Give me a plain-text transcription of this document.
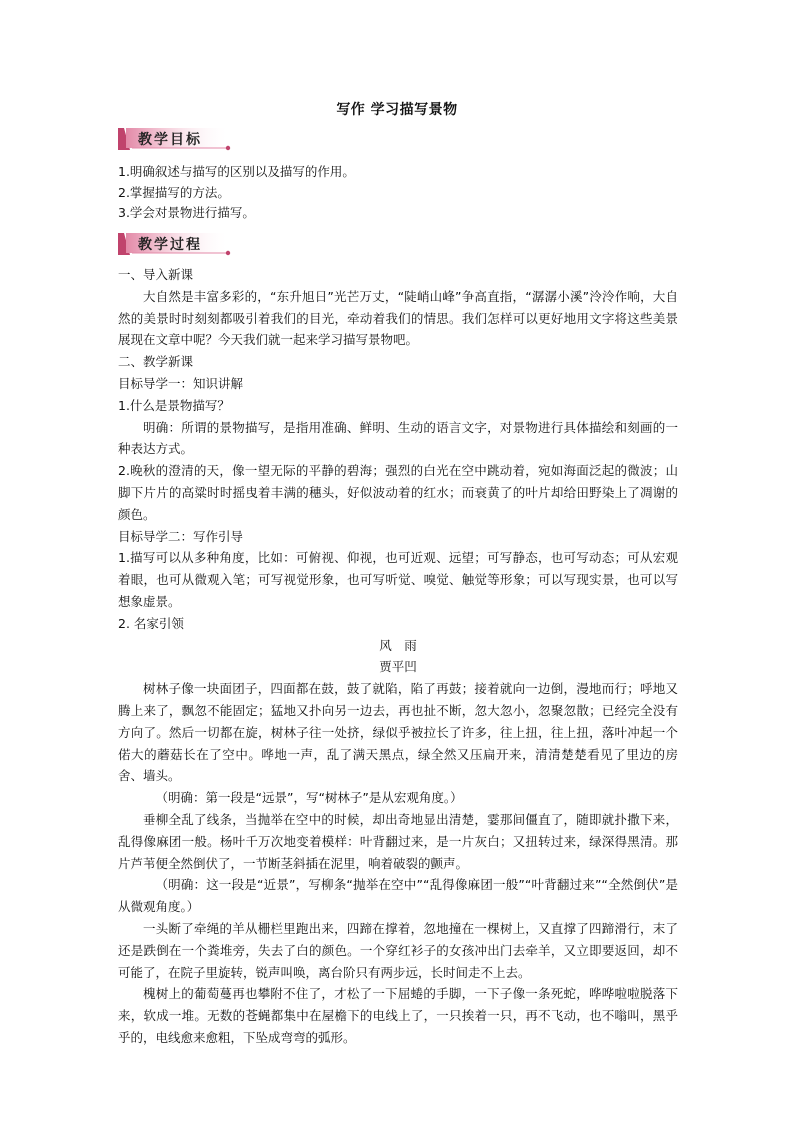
写作 学习描写景物
教学目标
1.明确叙述与描写的区别以及描写的作用。
2.掌握描写的方法。
3.学会对景物进行描写。
教学过程
一、导入新课
大自然是丰富多彩的，“东升旭日”光芒万丈，“陡峭山峰”争高直指，“潺潺小溪”泠泠作响，大自然的美景时时刻刻都吸引着我们的目光，牵动着我们的情思。我们怎样可以更好地用文字将这些美景展现在文章中呢？今天我们就一起来学习描写景物吧。
二、教学新课
目标导学一：知识讲解
1.什么是景物描写？
明确：所谓的景物描写，是指用准确、鲜明、生动的语言文字，对景物进行具体描绘和刻画的一种表达方式。
2.晚秋的澄清的天，像一望无际的平静的碧海；强烈的白光在空中跳动着，宛如海面泛起的微波；山脚下片片的高粱时时摇曳着丰满的穗头，好似波动着的红水；而衰黄了的叶片却给田野染上了凋谢的颜色。
目标导学二：写作引导
1.描写可以从多种角度，比如：可俯视、仰视，也可近观、远望；可写静态，也可写动态；可从宏观着眼，也可从微观入笔；可写视觉形象，也可写听觉、嗅觉、触觉等形象；可以写现实景，也可以写想象虚景。
2. 名家引领
风　雨
贾平凹
树林子像一块面团子，四面都在鼓，鼓了就陷，陷了再鼓；接着就向一边倒，漫地而行；呼地又腾上来了，飘忽不能固定；猛地又扑向另一边去，再也扯不断，忽大忽小，忽聚忽散；已经完全没有方向了。然后一切都在旋，树林子往一处挤，绿似乎被拉长了许多，往上扭，往上扭，落叶冲起一个偌大的蘑菇长在了空中。哗地一声，乱了满天黑点，绿全然又压扁开来，清清楚楚看见了里边的房舍、墙头。
（明确：第一段是“远景”，写“树林子”是从宏观角度。）
垂柳全乱了线条，当抛举在空中的时候，却出奇地显出清楚，霎那间僵直了，随即就扑撒下来，乱得像麻团一般。杨叶千万次地变着模样：叶背翻过来，是一片灰白；又扭转过来，绿深得黑清。那片芦苇便全然倒伏了，一节断茎斜插在泥里，响着破裂的颤声。
（明确：这一段是“近景”，写柳条“抛举在空中”“乱得像麻团一般”“叶背翻过来”“全然倒伏”是从微观角度。）
一头断了牵绳的羊从栅栏里跑出来，四蹄在撑着，忽地撞在一棵树上，又直撑了四蹄滑行，末了还是跌倒在一个粪堆旁，失去了白的颜色。一个穿红衫子的女孩冲出门去牵羊，又立即要返回，却不可能了，在院子里旋转，锐声叫唤，离台阶只有两步远，长时间走不上去。
槐树上的葡萄蔓再也攀附不住了，才松了一下屈蜷的手脚，一下子像一条死蛇，哗哗啦啦脱落下来，软成一堆。无数的苍蝇都集中在屋檐下的电线上了，一只挨着一只，再不飞动，也不嗡叫，黑乎乎的，电线愈来愈粗，下坠成弯弯的弧形。
